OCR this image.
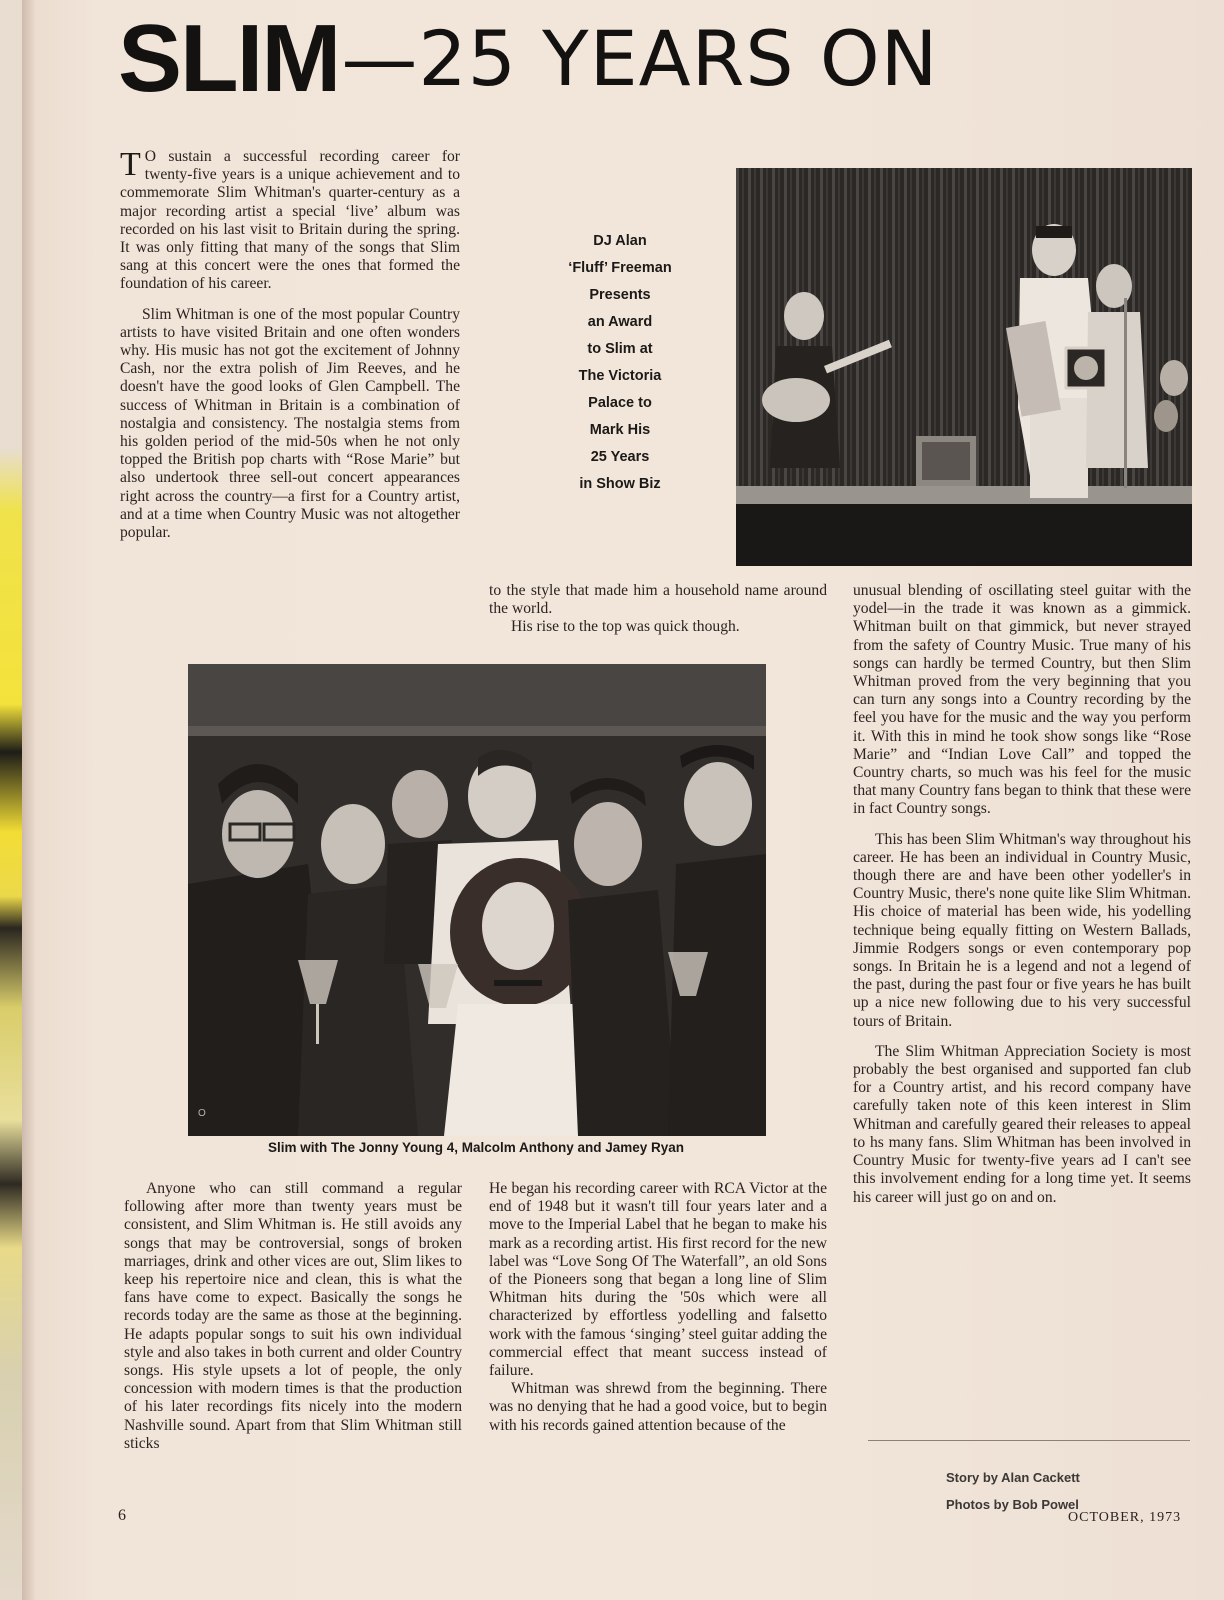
SLIM—25 YEARS ON

T O sustain a successful recording career for twenty-five years is a unique achievement and to commemorate Slim Whitman's quarter-century as a major recording artist a special ‘live’ album was recorded on his last visit to Britain during the spring. It was only fitting that many of the songs that Slim sang at this concert were the ones that formed the foundation of his career.

Slim Whitman is one of the most popular Country artists to have visited Britain and one often wonders why. His music has not got the excitement of Johnny Cash, nor the extra polish of Jim Reeves, and he doesn't have the good looks of Glen Campbell. The success of Whitman in Britain is a combination of nostalgia and consistency. The nostalgia stems from his golden period of the mid-50s when he not only topped the British pop charts with “Rose Marie” but also undertook three sell-out concert appearances right across the country—a first for a Country artist, and at a time when Country Music was not altogether popular.

DJ Alan
‘Fluff’ Freeman
Presents
an Award
to Slim at
The Victoria
Palace to
Mark His
25 Years
in Show Biz

to the style that made him a household name around the world.

His rise to the top was quick though.

unusual blending of oscillating steel guitar with the yodel—in the trade it was known as a gimmick. Whitman built on that gimmick, but never strayed from the safety of Country Music. True many of his songs can hardly be termed Country, but then Slim Whitman proved from the very beginning that you can turn any songs into a Country recording by the feel you have for the music and the way you perform it. With this in mind he took show songs like “Rose Marie” and “Indian Love Call” and topped the Country charts, so much was his feel for the music that many Country fans began to think that these were in fact Country songs.

This has been Slim Whitman's way throughout his career. He has been an individual in Country Music, though there are and have been other yodeller's in Country Music, there's none quite like Slim Whitman. His choice of material has been wide, his yodelling technique being equally fitting on Western Ballads, Jimmie Rodgers songs or even contemporary pop songs. In Britain he is a legend and not a legend of the past, during the past four or five years he has built up a nice new following due to his very successful tours of Britain.

The Slim Whitman Appreciation Society is most probably the best organised and supported fan club for a Country artist, and his record company have carefully taken note of this keen interest in Slim Whitman and carefully geared their releases to appeal to hs many fans. Slim Whitman has been involved in Country Music for twenty-five years ad I can't see this involvement ending for a long time yet. It seems his career will just go on and on.

O
Slim with The Jonny Young 4, Malcolm Anthony and Jamey Ryan

Anyone who can still command a regular following after more than twenty years must be consistent, and Slim Whitman is. He still avoids any songs that may be controversial, songs of broken marriages, drink and other vices are out, Slim likes to keep his repertoire nice and clean, this is what the fans have come to expect. Basically the songs he records today are the same as those at the beginning. He adapts popular songs to suit his own individual style and also takes in both current and older Country songs. His style upsets a lot of people, the only concession with modern times is that the production of his later recordings fits nicely into the modern Nashville sound. Apart from that Slim Whitman still sticks

He began his recording career with RCA Victor at the end of 1948 but it wasn't till four years later and a move to the Imperial Label that he began to make his mark as a recording artist. His first record for the new label was “Love Song Of The Waterfall”, an old Sons of the Pioneers song that began a long line of Slim Whitman hits during the '50s which were all characterized by effortless yodelling and falsetto work with the famous ‘singing’ steel guitar adding the commercial effect that meant success instead of failure.

Whitman was shrewd from the beginning. There was no denying that he had a good voice, but to begin with his records gained attention because of the

Story by Alan Cackett
Photos by Bob Powel
6	OCTOBER, 1973
